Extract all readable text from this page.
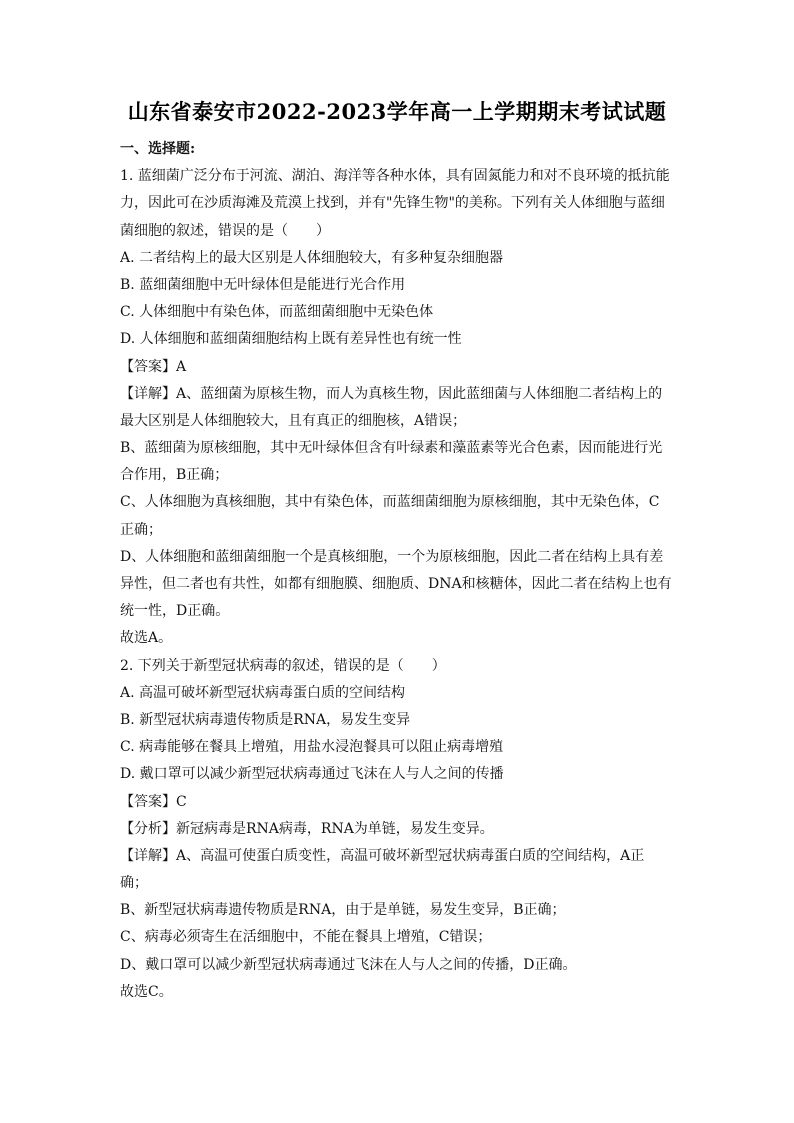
山东省泰安市2022-2023学年高一上学期期末考试试题
一、选择题:
1. 蓝细菌广泛分布于河流、湖泊、海洋等各种水体，具有固氮能力和对不良环境的抵抗能
力，因此可在沙质海滩及荒漠上找到，并有"先锋生物"的美称。下列有关人体细胞与蓝细
菌细胞的叙述，错误的是（　　）
A. 二者结构上的最大区别是人体细胞较大，有多种复杂细胞器
B. 蓝细菌细胞中无叶绿体但是能进行光合作用
C. 人体细胞中有染色体，而蓝细菌细胞中无染色体
D. 人体细胞和蓝细菌细胞结构上既有差异性也有统一性
【答案】A
【详解】A、蓝细菌为原核生物，而人为真核生物，因此蓝细菌与人体细胞二者结构上的
最大区别是人体细胞较大，且有真正的细胞核，A错误；
B、蓝细菌为原核细胞，其中无叶绿体但含有叶绿素和藻蓝素等光合色素，因而能进行光
合作用，B正确；
C、人体细胞为真核细胞，其中有染色体，而蓝细菌细胞为原核细胞，其中无染色体，C
正确；
D、人体细胞和蓝细菌细胞一个是真核细胞，一个为原核细胞，因此二者在结构上具有差
异性，但二者也有共性，如都有细胞膜、细胞质、DNA和核糖体，因此二者在结构上也有
统一性，D正确。
故选A。
2. 下列关于新型冠状病毒的叙述，错误的是（　　）
A. 高温可破坏新型冠状病毒蛋白质的空间结构
B. 新型冠状病毒遗传物质是RNA，易发生变异
C. 病毒能够在餐具上增殖，用盐水浸泡餐具可以阻止病毒增殖
D. 戴口罩可以减少新型冠状病毒通过飞沫在人与人之间的传播
【答案】C
【分析】新冠病毒是RNA病毒，RNA为单链，易发生变异。
【详解】A、高温可使蛋白质变性，高温可破坏新型冠状病毒蛋白质的空间结构，A正
确；
B、新型冠状病毒遗传物质是RNA，由于是单链，易发生变异，B正确；
C、病毒必须寄生在活细胞中，不能在餐具上增殖，C错误；
D、戴口罩可以减少新型冠状病毒通过飞沫在人与人之间的传播，D正确。
故选C。
